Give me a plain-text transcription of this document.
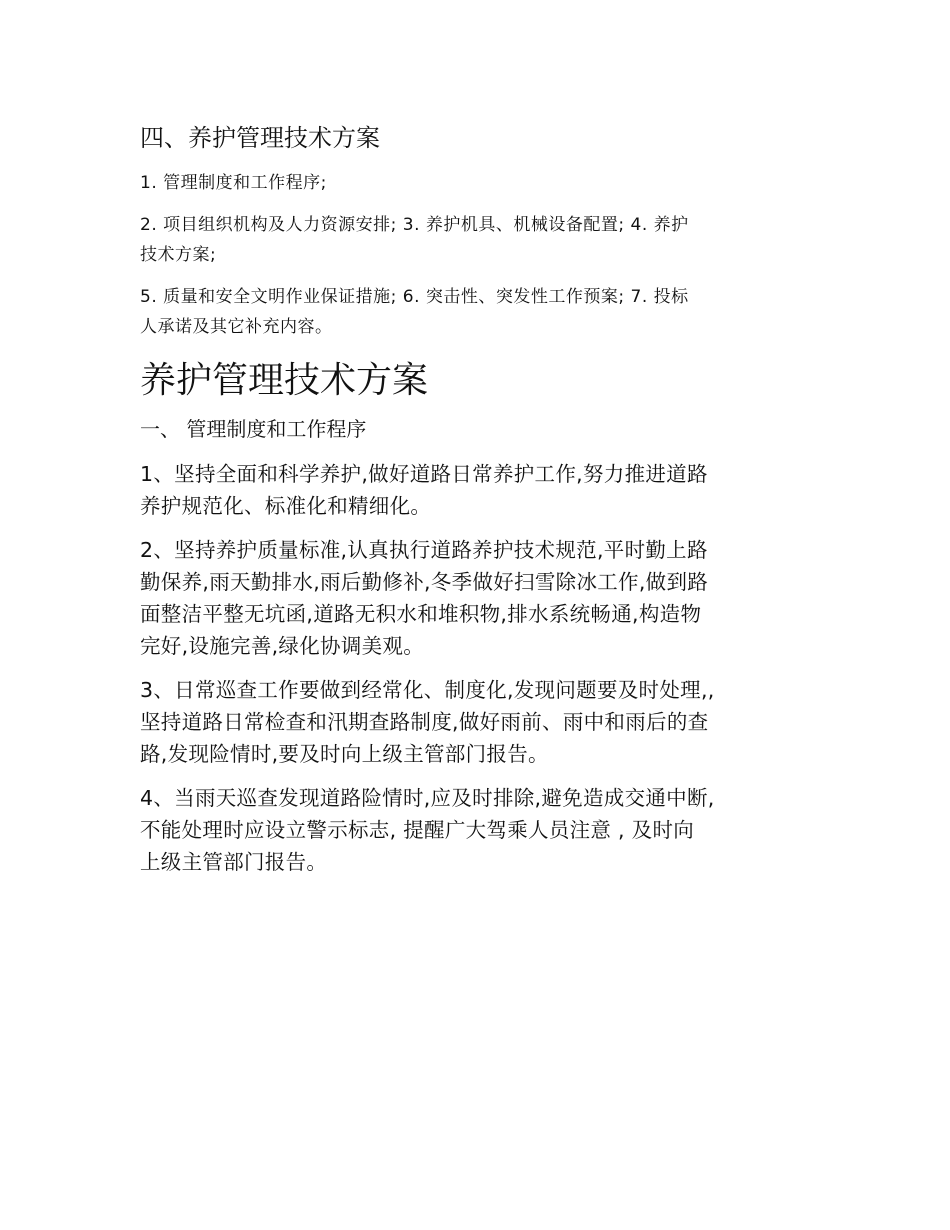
四、养护管理技术方案
1. 管理制度和工作程序;
2. 项目组织机构及人力资源安排; 3. 养护机具、机械设备配置; 4. 养护
技术方案;
5. 质量和安全文明作业保证措施; 6. 突击性、突发性工作预案; 7. 投标
人承诺及其它补充内容。
养护管理技术方案
一、 管理制度和工作程序
1、坚持全面和科学养护,做好道路日常养护工作,努力推进道路
养护规范化、标准化和精细化。
2、坚持养护质量标准,认真执行道路养护技术规范,平时勤上路
勤保养,雨天勤排水,雨后勤修补,冬季做好扫雪除冰工作,做到路
面整洁平整无坑函,道路无积水和堆积物,排水系统畅通,构造物
完好,设施完善,绿化协调美观。
3、日常巡查工作要做到经常化、制度化,发现问题要及时处理,,
坚持道路日常检查和汛期查路制度,做好雨前、雨中和雨后的查
路,发现险情时,要及时向上级主管部门报告。
4、当雨天巡查发现道路险情时,应及时排除,避免造成交通中断,
不能处理时应设立警示标志, 提醒广大驾乘人员注意 , 及时向
上级主管部门报告。
